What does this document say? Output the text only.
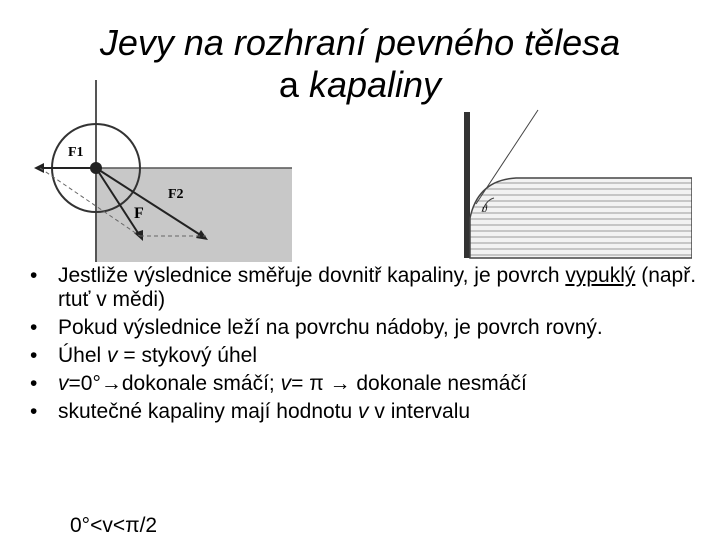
Jevy na rozhraní pevného tělesa
a kapaliny
F1
F2
F	ϑ
• Jestliže výslednice směřuje dovnitř kapaliny, je povrch vypuklý (např. rtuť v mědi)
• Pokud výslednice leží na povrchu nádoby, je povrch rovný.
• Úhel v = stykový úhel
• v=0°→dokonale smáčí; v= π → dokonale nesmáčí
• skutečné kapaliny mají hodnotu v v intervalu
0°<v<π/2
